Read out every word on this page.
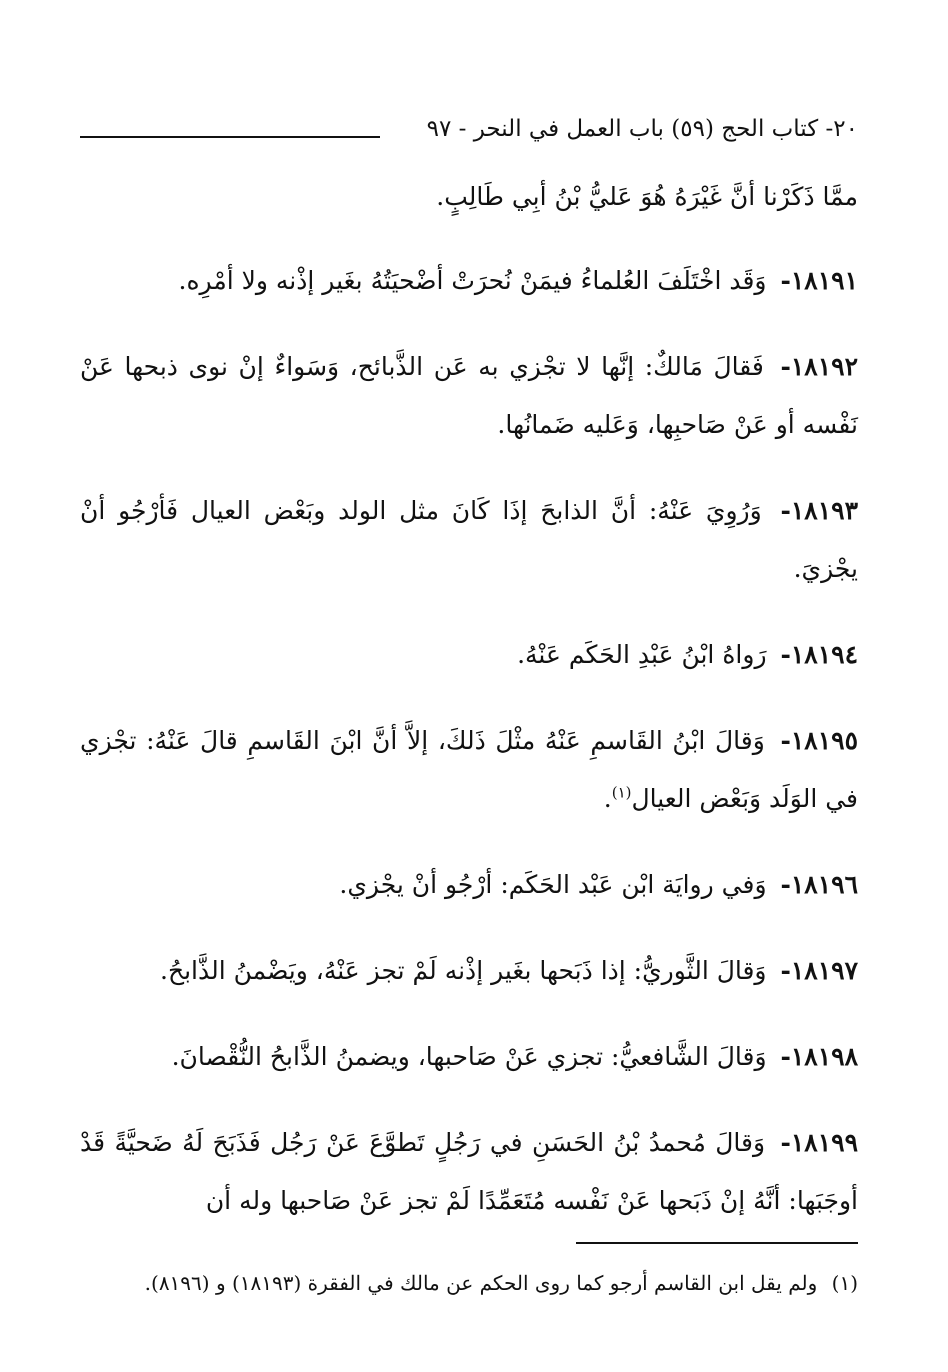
٢٠- كتاب الحج (٥٩) باب العمل في النحر - ٩٧

ممَّا ذَكَرْنا أنَّ غَيْرَهُ هُوَ عَليُّ بْنُ أبِي طَالِبٍ.

١٨١٩١- وَقَد اخْتَلَفَ العُلماءُ فيمَنْ نُحرَتْ أضْحيَتُهُ بغَير إذْنه ولا أمْرِه.

١٨١٩٢- فَقالَ مَالكٌ: إنَّها لا تجْزي به عَن الذَّبائح، وَسَواءٌ إنْ نوى ذبحها عَنْ نَفْسه أو عَنْ صَاحبِها، وَعَليه ضَمانُها.

١٨١٩٣- وَرُوِيَ عَنْهُ: أنَّ الذابحَ إذَا كَانَ مثل الولد وبَعْض العيال فَأرْجُو أنْ يجْزيَ.

١٨١٩٤- رَواهُ ابْنُ عَبْدِ الحَكَم عَنْهُ.

١٨١٩٥- وَقالَ ابْنُ القَاسمِ عَنْهُ مثْلَ ذَلكَ، إلاَّ أنَّ ابْنَ القَاسمِ قالَ عَنْهُ: تجْزي في الوَلَد وَبَعْض العيال$^{(١)}$.

١٨١٩٦- وَفي روايَة ابْن عَبْد الحَكَم: أرْجُو أنْ يجْزي.

١٨١٩٧- وَقالَ الثَّوريُّ: إذا ذَبَحها بغَير إذْنه لَمْ تجز عَنْهُ، ويَضْمنُ الذَّابحُ.

١٨١٩٨- وَقالَ الشَّافعيُّ: تجزي عَنْ صَاحبها، ويضمنُ الذَّابحُ النُّقْصانَ.

١٨١٩٩- وَقالَ مُحمدُ بْنُ الحَسَنِ في رَجُلٍ تَطوَّعَ عَنْ رَجُل فَذَبَحَ لَهُ ضَحيَّةً قَدْ أوجَبَها: أنَّهُ إنْ ذَبَحها عَنْ نَفْسه مُتَعَمِّدًا لَمْ تجز عَنْ صَاحبها وله أن

(١) ولم يقل ابن القاسم أرجو كما روى الحكم عن مالك في الفقرة (١٨١٩٣) و (٨١٩٦).
